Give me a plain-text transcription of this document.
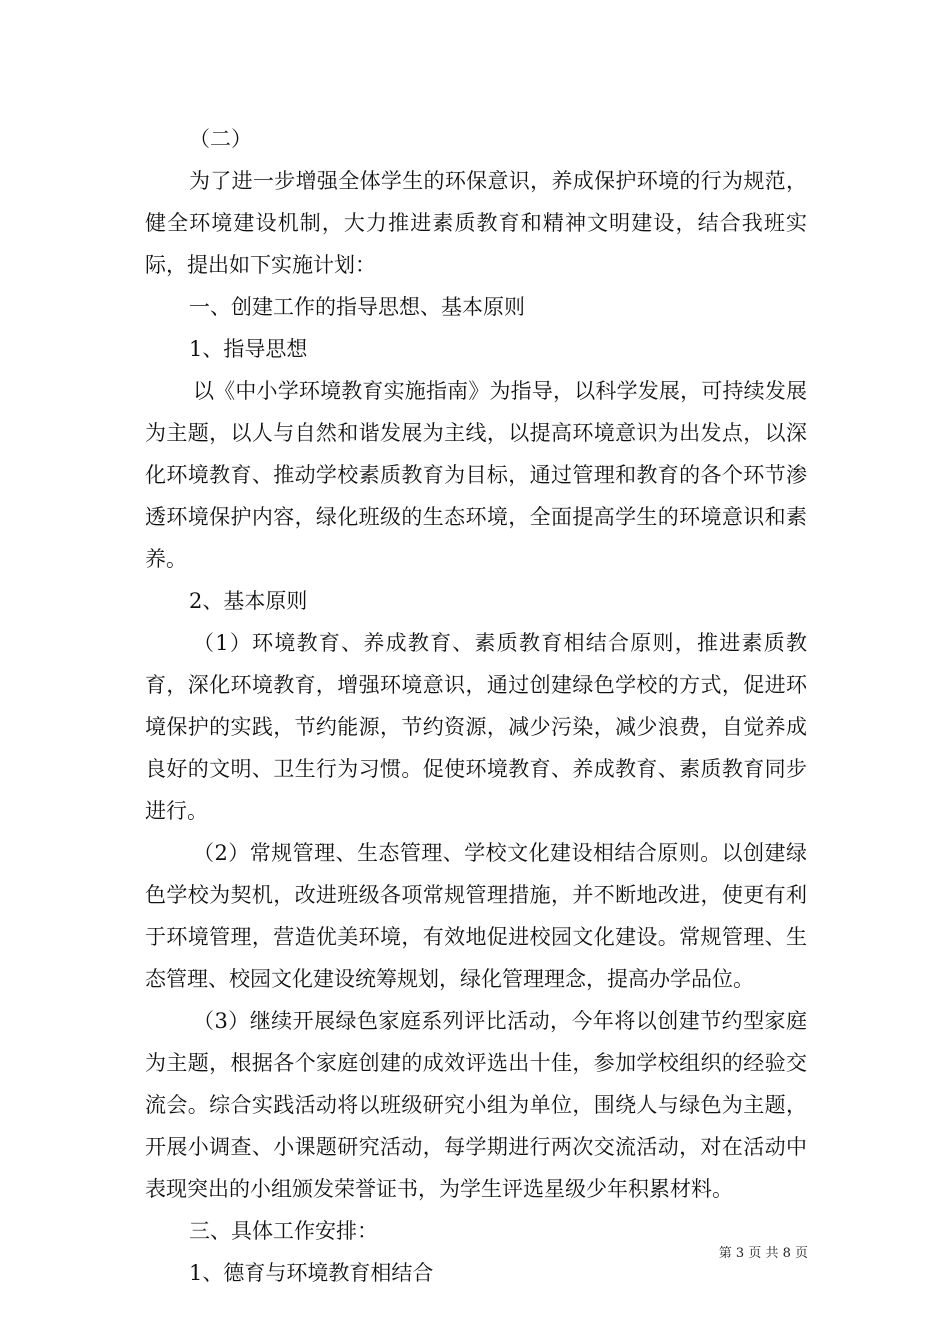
（二）

为了进一步增强全体学生的环保意识，养成保护环境的行为规范，健全环境建设机制，大力推进素质教育和精神文明建设，结合我班实际，提出如下实施计划：

一、创建工作的指导思想、基本原则

1、指导思想

以《中小学环境教育实施指南》为指导，以科学发展，可持续发展为主题，以人与自然和谐发展为主线，以提高环境意识为出发点，以深化环境教育、推动学校素质教育为目标，通过管理和教育的各个环节渗透环境保护内容，绿化班级的生态环境，全面提高学生的环境意识和素养。

2、基本原则

（1）环境教育、养成教育、素质教育相结合原则，推进素质教育，深化环境教育，增强环境意识，通过创建绿色学校的方式，促进环境保护的实践，节约能源，节约资源，减少污染，减少浪费，自觉养成良好的文明、卫生行为习惯。促使环境教育、养成教育、素质教育同步进行。

（2）常规管理、生态管理、学校文化建设相结合原则。以创建绿色学校为契机，改进班级各项常规管理措施，并不断地改进，使更有利于环境管理，营造优美环境，有效地促进校园文化建设。常规管理、生态管理、校园文化建设统筹规划，绿化管理理念，提高办学品位。

（3）继续开展绿色家庭系列评比活动，今年将以创建节约型家庭为主题，根据各个家庭创建的成效评选出十佳，参加学校组织的经验交流会。综合实践活动将以班级研究小组为单位，围绕人与绿色为主题，开展小调查、小课题研究活动，每学期进行两次交流活动，对在活动中表现突出的小组颁发荣誉证书，为学生评选星级少年积累材料。

三、具体工作安排：

1、德育与环境教育相结合

第 3 页 共 8 页
